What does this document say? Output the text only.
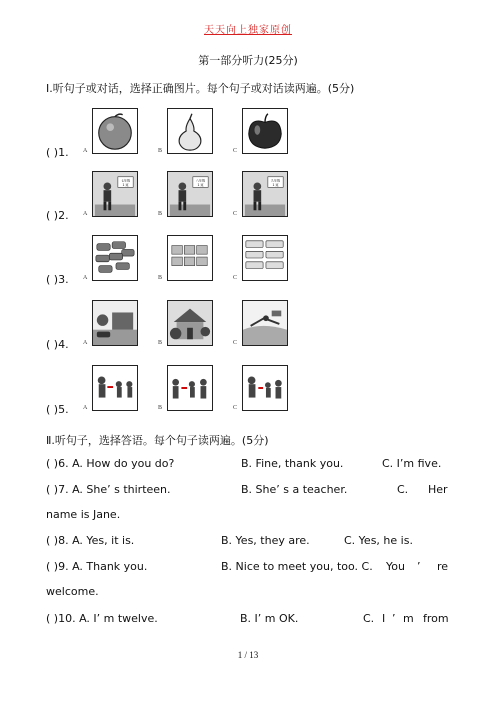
天天向上独家原创
第一部分听力(25分)
Ⅰ.听句子或对话，选择正确图片。每个句子或对话读两遍。(5分)
( )1. A	B	C
( )2. A	B	C
七年级
1 班
八年级
1 班
九年级
1 班
( )3. A	B	C
( )4. A	B	C
( )5. A	B	C
Ⅱ.听句子，选择答语。每个句子读两遍。(5分)
( )6. A. How do you do?	B. Fine, thank you.	C. I’m five.
( )7. A. She’ s thirteen.	B. She’ s a teacher.	C. Her
name is Jane.
( )8. A. Yes, it is.	B. Yes, they are.	C. Yes, he is.
( )9. A. Thank you.	B. Nice to meet you, too. C. You ’ re
welcome.
( )10. A. I’ m twelve.	B. I’ m OK.	C. I ’ m from
1 / 13
